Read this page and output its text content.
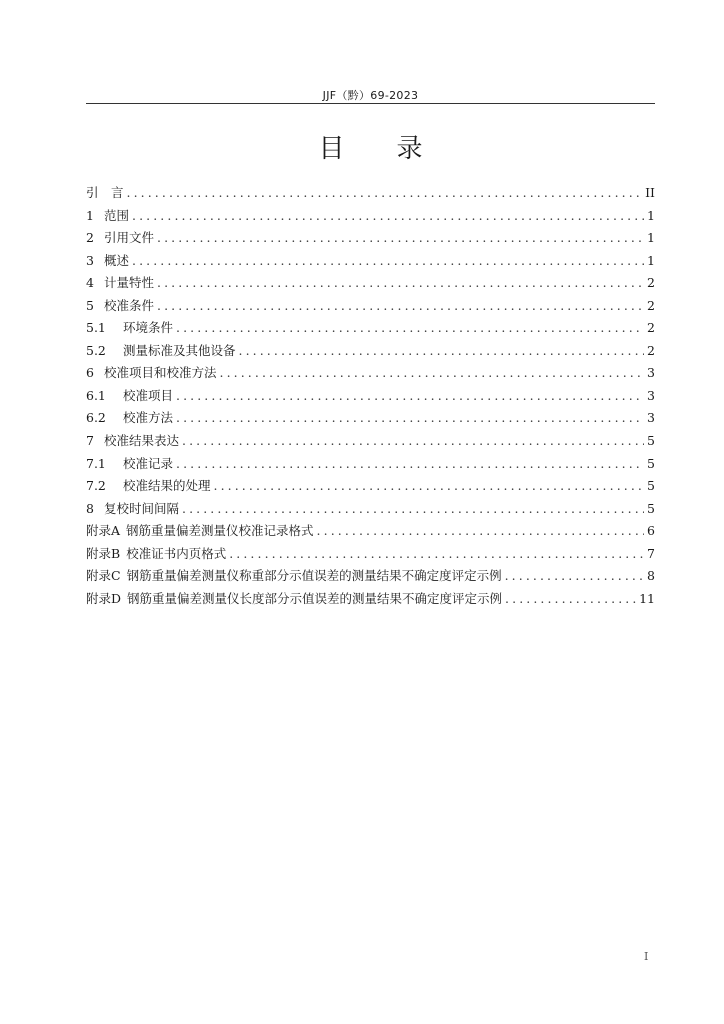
JJF（黔）69-2023
目录
引　言 .....	II
1 范围 .....	1
2 引用文件 .....	1
3 概述 .....	1
4 计量特性 .....	2
5 校准条件 .....	2
5.1 环境条件 .....	2
5.2 测量标准及其他设备 .....	2
6 校准项目和校准方法 .....	3
6.1 校准项目 .....	3
6.2 校准方法 .....	3
7 校准结果表达 .....	5
7.1 校准记录 .....	5
7.2 校准结果的处理 .....	5
8 复校时间间隔 .....	5
附录A 钢筋重量偏差测量仪校准记录格式 .....	6
附录B 校准证书内页格式 .....	7
附录C 钢筋重量偏差测量仪称重部分示值误差的测量结果不确定度评定示例 .....	8
附录D 钢筋重量偏差测量仪长度部分示值误差的测量结果不确定度评定示例 .....	11
I
